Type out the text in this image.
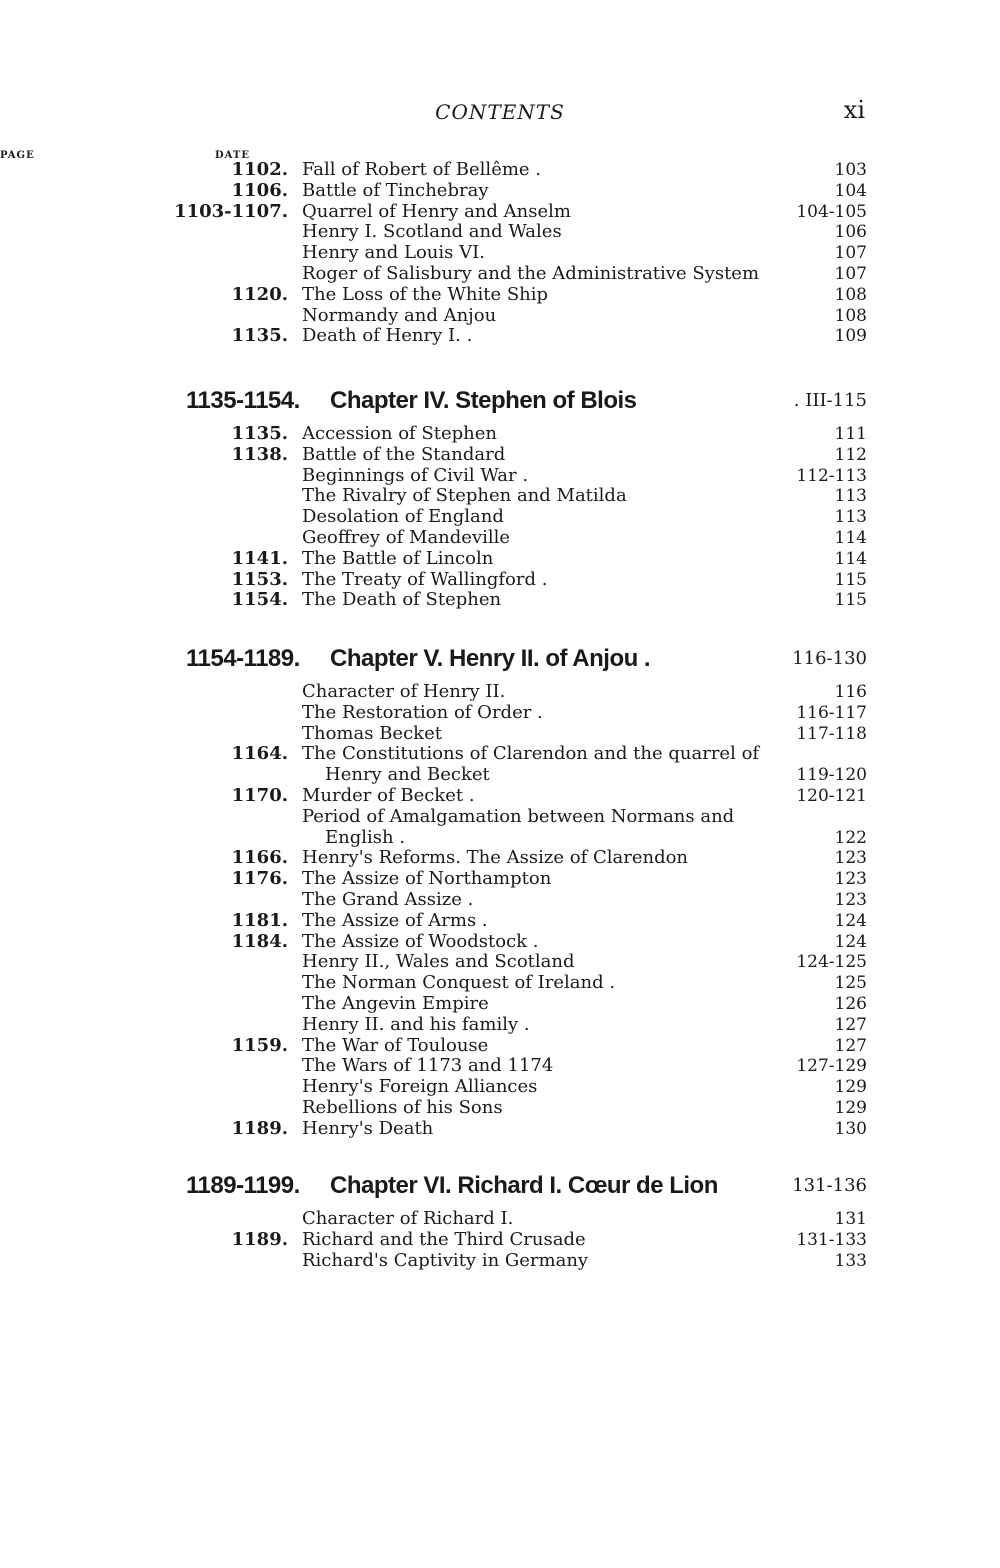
CONTENTS	xi
DATE
PAGE
1102. Fall of Robert of Bellême .	103
1106. Battle of Tinchebray	104
1103-1107. Quarrel of Henry and Anselm	104-105
Henry I. Scotland and Wales	106
Henry and Louis VI.	107
Roger of Salisbury and the Administrative System	107
1120. The Loss of the White Ship	108
Normandy and Anjou	108
1135. Death of Henry I. .	109
1135-1154. Chapter IV. Stephen of Blois	. III-115
1135. Accession of Stephen	111
1138. Battle of the Standard	112
Beginnings of Civil War .	112-113
The Rivalry of Stephen and Matilda	113
Desolation of England	113
Geoffrey of Mandeville	114
1141. The Battle of Lincoln	114
1153. The Treaty of Wallingford .	115
1154. The Death of Stephen	115
1154-1189. Chapter V. Henry II. of Anjou .	116-130
Character of Henry II.	116
The Restoration of Order .	116-117
Thomas Becket	117-118
1164. The Constitutions of Clarendon and the quarrel of
Henry and Becket	119-120
1170. Murder of Becket .	120-121
Period of Amalgamation between Normans and
English .	122
1166. Henry's Reforms. The Assize of Clarendon	123
1176. The Assize of Northampton	123
The Grand Assize .	123
1181. The Assize of Arms .	124
1184. The Assize of Woodstock .	124
Henry II., Wales and Scotland	124-125
The Norman Conquest of Ireland .	125
The Angevin Empire	126
Henry II. and his family .	127
1159. The War of Toulouse	127
The Wars of 1173 and 1174	127-129
Henry's Foreign Alliances	129
Rebellions of his Sons	129
1189. Henry's Death	130
1189-1199. Chapter VI. Richard I. Cœur de Lion	131-136
Character of Richard I.	131
1189. Richard and the Third Crusade	131-133
Richard's Captivity in Germany	133
